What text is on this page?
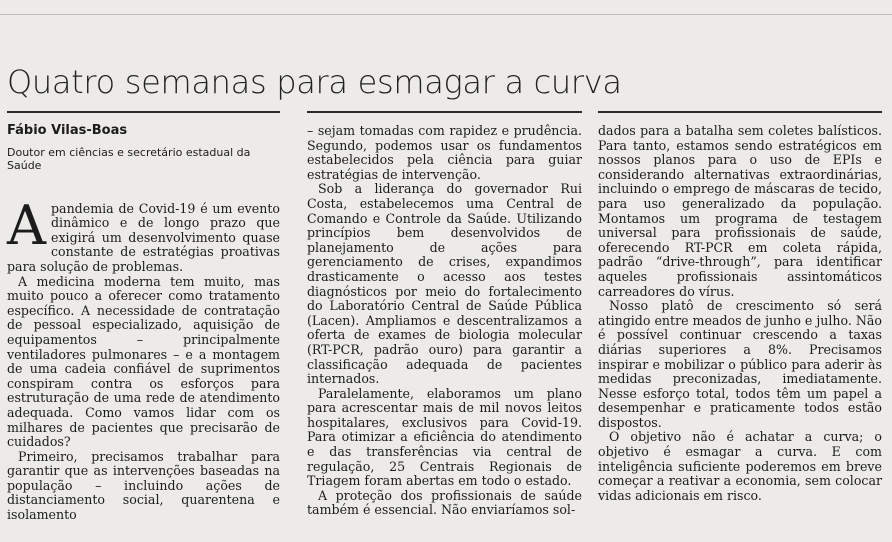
Quatro semanas para esmagar a curva
Fábio Vilas-Boas
Doutor em ciências e secretário estadual da Saúde

Apandemia de Covid-19 é um evento dinâmico e de longo prazo que exigirá um desenvolvimento quase constante de estratégias proativas para solução de problemas.

A medicina moderna tem muito, mas muito pouco a oferecer como tratamento específico. A necessidade de contratação de pessoal especializado, aquisição de equipamentos – principalmente ventiladores pulmonares – e a montagem de uma cadeia confiável de suprimentos conspiram contra os esforços para estruturação de uma rede de atendimento adequada. Como vamos lidar com os milhares de pacientes que precisarão de cuidados?

Primeiro, precisamos trabalhar para garantir que as intervenções baseadas na população – incluindo ações de distanciamento social, quarentena e isolamento

– sejam tomadas com rapidez e prudência. Segundo, podemos usar os fundamentos estabelecidos pela ciência para guiar estratégias de intervenção.

Sob a liderança do governador Rui Costa, estabelecemos uma Central de Comando e Controle da Saúde. Utilizando princípios bem desenvolvidos de planejamento de ações para gerenciamento de crises, expandimos drasticamente o acesso aos testes diagnósticos por meio do fortalecimento do Laboratório Central de Saúde Pública (Lacen). Ampliamos e descentralizamos a oferta de exames de biologia molecular (RT-PCR, padrão ouro) para garantir a classificação adequada de pacientes internados.

Paralelamente, elaboramos um plano para acrescentar mais de mil novos leitos hospitalares, exclusivos para Covid-19. Para otimizar a eficiência do atendimento e das transferências via central de regulação, 25 Centrais Regionais de Triagem foram abertas em todo o estado.

A proteção dos profissionais de saúde também é essencial. Não enviaríamos sol-

dados para a batalha sem coletes balísticos. Para tanto, estamos sendo estratégicos em nossos planos para o uso de EPIs e considerando alternativas extraordinárias, incluindo o emprego de máscaras de tecido, para uso generalizado da população. Montamos um programa de testagem universal para profissionais de saúde, oferecendo RT-PCR em coleta rápida, padrão “drive-through”, para identificar aqueles profissionais assintomáticos carreadores do vírus.

Nosso platô de crescimento só será atingido entre meados de junho e julho. Não é possível continuar crescendo a taxas diárias superiores a 8%. Precisamos inspirar e mobilizar o público para aderir às medidas preconizadas, imediatamente. Nesse esforço total, todos têm um papel a desempenhar e praticamente todos estão dispostos.

O objetivo não é achatar a curva; o objetivo é esmagar a curva. E com inteligência suficiente poderemos em breve começar a reativar a economia, sem colocar vidas adicionais em risco.
